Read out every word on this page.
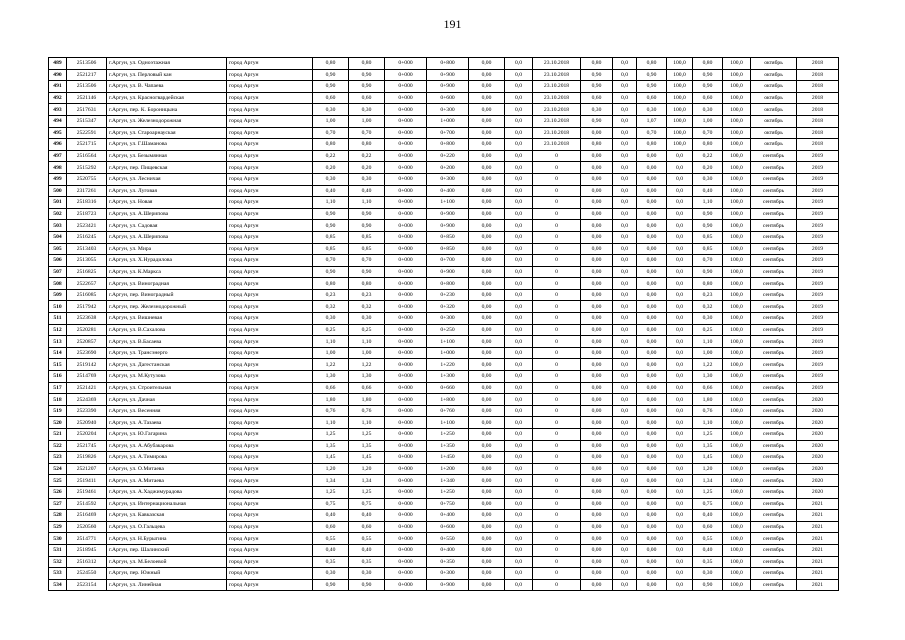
191
489	2513506	г.Аргун, ул. Одноэтажная	город Аргун	0,80	0,80	0+000	0+800	0,00	0,0	23.10.2018	0,80	0,0	0,80	100,0	0,80	100,0	октябрь	2018
490	2521217	г.Аргун, ул. Перловый кан	город Аргун	0,90	0,90	0+000	0+900	0,00	0,0	23.10.2018	0,90	0,0	0,90	100,0	0,90	100,0	октябрь	2018
491	2513506	г.Аргун, ул. В. Чапаева	город Аргун	0,90	0,90	0+000	0+900	0,00	0,0	23.10.2018	0,90	0,0	0,90	100,0	0,90	100,0	октябрь	2018
492	2521146	г.Аргун, ул. Красногвардейская	город Аргун	0,60	0,60	0+000	0+600	0,00	0,0	23.10.2018	0,60	0,0	0,60	100,0	0,60	100,0	октябрь	2018
493	2517631	г.Аргун, пер. К. Бороницына	город Аргун	0,30	0,30	0+000	0+300	0,00	0,0	23.10.2018	0,30	0,0	0,30	100,0	0,30	100,0	октябрь	2018
494	2515347	г.Аргун, ул. Железнодорожная	город Аргун	1,00	1,00	0+000	1+000	0,00	0,0	23.10.2018	0,90	0,0	1,07	100,0	1,00	100,0	октябрь	2018
495	2522591	г.Аргун, ул. Староарнауская	город Аргун	0,70	0,70	0+000	0+700	0,00	0,0	23.10.2018	0,00	0,0	0,70	100,0	0,70	100,0	октябрь	2018
496	2521715	г.Аргун, ул. Г.Шаманова	город Аргун	0,80	0,80	0+000	0+800	0,00	0,0	23.10.2018	0,80	0,0	0,80	100,0	0,80	100,0	октябрь	2018
497	2516564	г.Аргун, ул. Безымянная	город Аргун	0,22	0,22	0+000	0+220	0,00	0,0	0	0,00	0,0	0,00	0,0	0,22	100,0	сентябрь	2019
498	2515292	г.Аргун, пер. Пищевская	город Аргун	0,20	0,20	0+000	0+200	0,00	0,0	0	0,00	0,0	0,00	0,0	0,20	100,0	сентябрь	2019
499	2520755	г.Аргун, ул. Лесничая	город Аргун	0,30	0,30	0+000	0+300	0,00	0,0	0	0,00	0,0	0,00	0,0	0,30	100,0	сентябрь	2019
500	2317261	г.Аргун, ул. Луговая	город Аргун	0,40	0,40	0+000	0+400	0,00	0,0	0	0,00	0,0	0,00	0,0	0,40	100,0	сентябрь	2019
501	2518316	г.Аргун, ул. Новая	город Аргун	1,10	1,10	0+000	1+100	0,00	0,0	0	0,00	0,0	0,00	0,0	1,10	100,0	сентябрь	2019
502	2518723	г.Аргун, ул. А.Шерипова	город Аргун	0,90	0,90	0+000	0+900	0,00	0,0	0	0,00	0,0	0,00	0,0	0,90	100,0	сентябрь	2019
503	2523421	г.Аргун, ул. Садовая	город Аргун	0,90	0,90	0+000	0+900	0,00	0,0	0	0,00	0,0	0,00	0,0	0,90	100,0	сентябрь	2019
504	2516245	г.Аргун, ул. А.Шерипова	город Аргун	0,85	0,85	0+000	0+850	0,00	0,0	0	0,00	0,0	0,00	0,0	0,85	100,0	сентябрь	2019
505	2513403	г.Аргун, ул. Мира	город Аргун	0,85	0,85	0+000	0+850	0,00	0,0	0	0,00	0,0	0,00	0,0	0,85	100,0	сентябрь	2019
506	2513055	г.Аргун, ул. Х.Нурадилова	город Аргун	0,70	0,70	0+000	0+700	0,00	0,0	0	0,00	0,0	0,00	0,0	0,70	100,0	сентябрь	2019
507	2516825	г.Аргун, ул. К.Маркса	город Аргун	0,90	0,90	0+000	0+900	0,00	0,0	0	0,00	0,0	0,00	0,0	0,90	100,0	сентябрь	2019
508	2522657	г.Аргун, ул. Виноградная	город Аргун	0,80	0,80	0+000	0+800	0,00	0,0	0	0,00	0,0	0,00	0,0	0,80	100,0	сентябрь	2019
509	2516085	г.Аргун, пер. Виноградный	город Аргун	0,23	0,23	0+000	0+230	0,00	0,0	0	0,00	0,0	0,00	0,0	0,23	100,0	сентябрь	2019
510	2517942	г.Аргун, пер. Железнодорожный	город Аргун	0,32	0,32	0+000	0+320	0,00	0,0	0	0,00	0,0	0,00	0,0	0,32	100,0	сентябрь	2019
511	2523638	г.Аргун, ул. Вишневая	город Аргун	0,30	0,30	0+000	0+300	0,00	0,0	0	0,00	0,0	0,00	0,0	0,30	100,0	сентябрь	2019
512	2520281	г.Аргун, ул. В.Сахалова	город Аргун	0,25	0,25	0+000	0+250	0,00	0,0	0	0,00	0,0	0,00	0,0	0,25	100,0	сентябрь	2019
513	2520857	г.Аргун, ул. В.Басаева	город Аргун	1,10	1,10	0+000	1+100	0,00	0,0	0	0,00	0,0	0,00	0,0	1,10	100,0	сентябрь	2019
514	2523690	г.Аргун, ул. Трансэнерго	город Аргун	1,00	1,00	0+000	1+000	0,00	0,0	0	0,00	0,0	0,00	0,0	1,00	100,0	сентябрь	2019
515	2519142	г.Аргун, ул. Дагестанская	город Аргун	1,22	1,22	0+000	1+220	0,00	0,0	0	0,00	0,0	0,00	0,0	1,22	100,0	сентябрь	2019
516	2514769	г.Аргун, ул. М.Кутузова	город Аргун	1,30	1,30	0+000	1+300	0,00	0,0	0	0,00	0,0	0,00	0,0	1,30	100,0	сентябрь	2019
517	2521421	г.Аргун, ул. Строительная	город Аргун	0,66	0,66	0+000	0+660	0,00	0,0	0	0,00	0,0	0,00	0,0	0,66	100,0	сентябрь	2019
518	2524369	г.Аргун, ул. Дачная	город Аргун	1,80	1,80	0+000	1+800	0,00	0,0	0	0,00	0,0	0,00	0,0	1,80	100,0	сентябрь	2020
519	2523390	г.Аргун, ул. Весенняя	город Аргун	0,76	0,76	0+000	0+760	0,00	0,0	0	0,00	0,0	0,00	0,0	0,76	100,0	сентябрь	2020
520	2520940	г.Аргун, ул. А.Тазаева	город Аргун	1,10	1,10	0+000	1+100	0,00	0,0	0	0,00	0,0	0,00	0,0	1,10	100,0	сентябрь	2020
521	2520204	г.Аргун, ул. Ю.Гагарина	город Аргун	1,25	1,25	0+000	1+250	0,00	0,0	0	0,00	0,0	0,00	0,0	1,25	100,0	сентябрь	2020
522	2521745	г.Аргун, ул. А.Абубакарова	город Аргун	1,35	1,35	0+000	1+350	0,00	0,0	0	0,00	0,0	0,00	0,0	1,35	100,0	сентябрь	2020
523	2519826	г.Аргун, ул. А.Тимирова	город Аргун	1,45	1,45	0+000	1+450	0,00	0,0	0	0,00	0,0	0,00	0,0	1,45	100,0	сентябрь	2020
524	2521207	г.Аргун, ул. О.Митаева	город Аргун	1,20	1,20	0+000	1+200	0,00	0,0	0	0,00	0,0	0,00	0,0	1,20	100,0	сентябрь	2020
525	2519411	г.Аргун, ул. А.Митаева	город Аргун	1,34	1,34	0+000	1+340	0,00	0,0	0	0,00	0,0	0,00	0,0	1,34	100,0	сентябрь	2020
526	2519461	г.Аргун, ул. А.Хаджимурадова	город Аргун	1,25	1,25	0+000	1+250	0,00	0,0	0	0,00	0,0	0,00	0,0	1,25	100,0	сентябрь	2020
527	2514592	г.Аргун, ул. Интернациональная	город Аргун	0,75	0,75	0+000	0+750	0,00	0,0	0	0,00	0,0	0,00	0,0	0,75	100,0	сентябрь	2021
528	2516469	г.Аргун, ул. Кавказская	город Аргун	0,40	0,40	0+000	0+400	0,00	0,0	0	0,00	0,0	0,00	0,0	0,40	100,0	сентябрь	2021
529	2520560	г.Аргун, ул. О.Гальцева	город Аргун	0,60	0,60	0+000	0+600	0,00	0,0	0	0,00	0,0	0,00	0,0	0,60	100,0	сентябрь	2021
530	2514771	г.Аргун, ул. Н.Бурыгина	город Аргун	0,55	0,55	0+000	0+550	0,00	0,0	0	0,00	0,0	0,00	0,0	0,55	100,0	сентябрь	2021
531	2518945	г.Аргун, пер. Шалинский	город Аргун	0,40	0,40	0+000	0+400	0,00	0,0	0	0,00	0,0	0,00	0,0	0,40	100,0	сентябрь	2021
532	2516312	г.Аргун, ул. М.Белоевой	город Аргун	0,35	0,35	0+000	0+350	0,00	0,0	0	0,00	0,0	0,00	0,0	0,35	100,0	сентябрь	2021
533	2524550	г.Аргун, пер. Южный	город Аргун	0,30	0,30	0+000	0+300	0,00	0,0	0	0,00	0,0	0,00	0,0	0,30	100,0	сентябрь	2021
534	2523154	г.Аргун, ул. Линейная	город Аргун	0,90	0,90	0+000	0+900	0,00	0,0	0	0,00	0,0	0,00	0,0	0,90	100,0	сентябрь	2021
